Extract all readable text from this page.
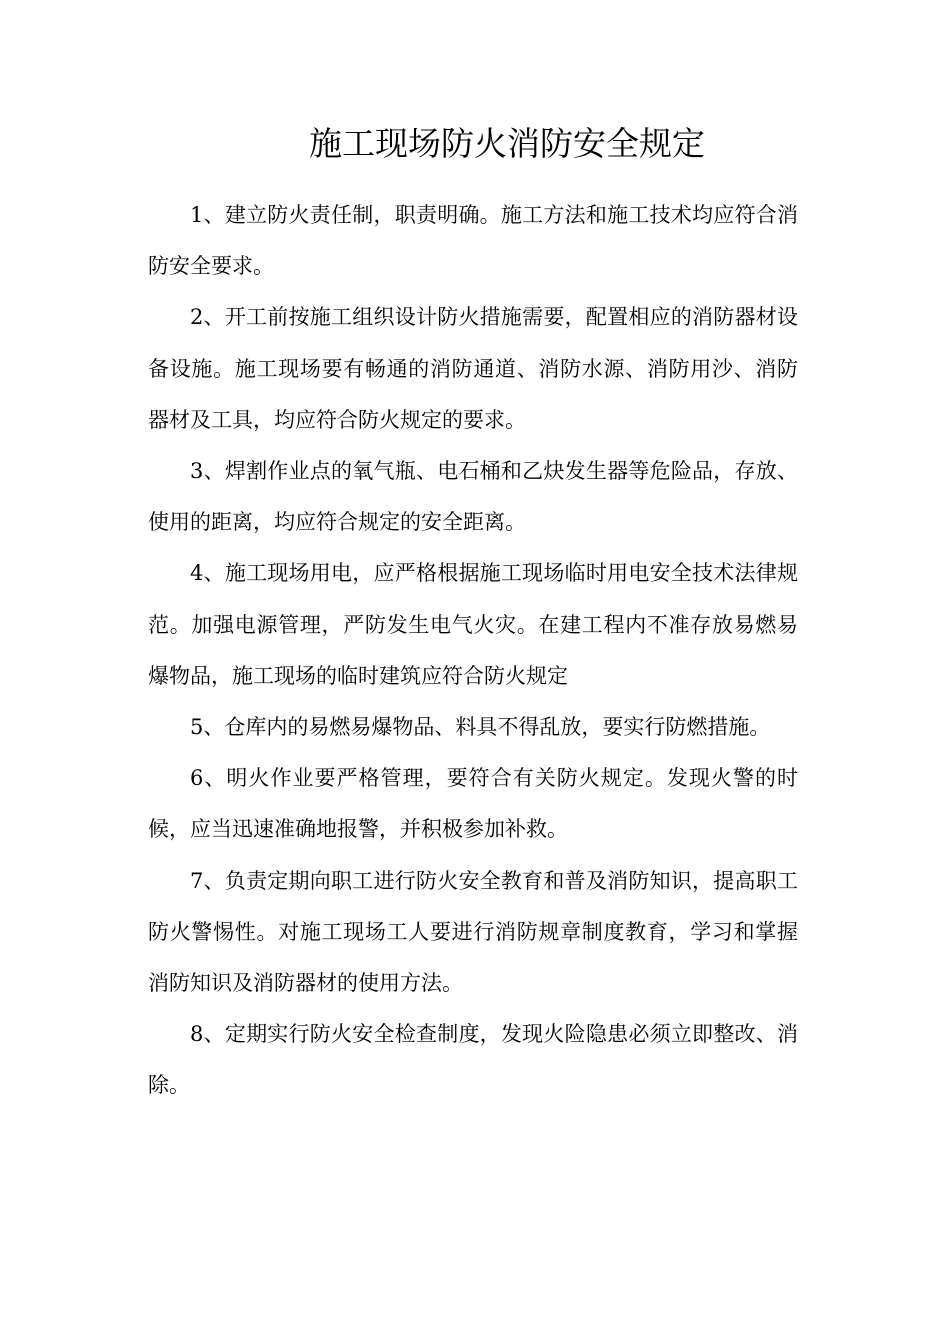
施工现场防火消防安全规定

1、建立防火责任制，职责明确。施工方法和施工技术均应符合消防安全要求。

2、开工前按施工组织设计防火措施需要，配置相应的消防器材设备设施。施工现场要有畅通的消防通道、消防水源、消防用沙、消防器材及工具，均应符合防火规定的要求。

3、焊割作业点的氧气瓶、电石桶和乙炔发生器等危险品，存放、使用的距离，均应符合规定的安全距离。

4、施工现场用电，应严格根据施工现场临时用电安全技术法律规范。加强电源管理，严防发生电气火灾。在建工程内不准存放易燃易爆物品，施工现场的临时建筑应符合防火规定

5、仓库内的易燃易爆物品、料具不得乱放，要实行防燃措施。

6、明火作业要严格管理，要符合有关防火规定。发现火警的时候，应当迅速准确地报警，并积极参加补救。

7、负责定期向职工进行防火安全教育和普及消防知识，提高职工防火警惕性。对施工现场工人要进行消防规章制度教育，学习和掌握消防知识及消防器材的使用方法。

8、定期实行防火安全检查制度，发现火险隐患必须立即整改、消除。
